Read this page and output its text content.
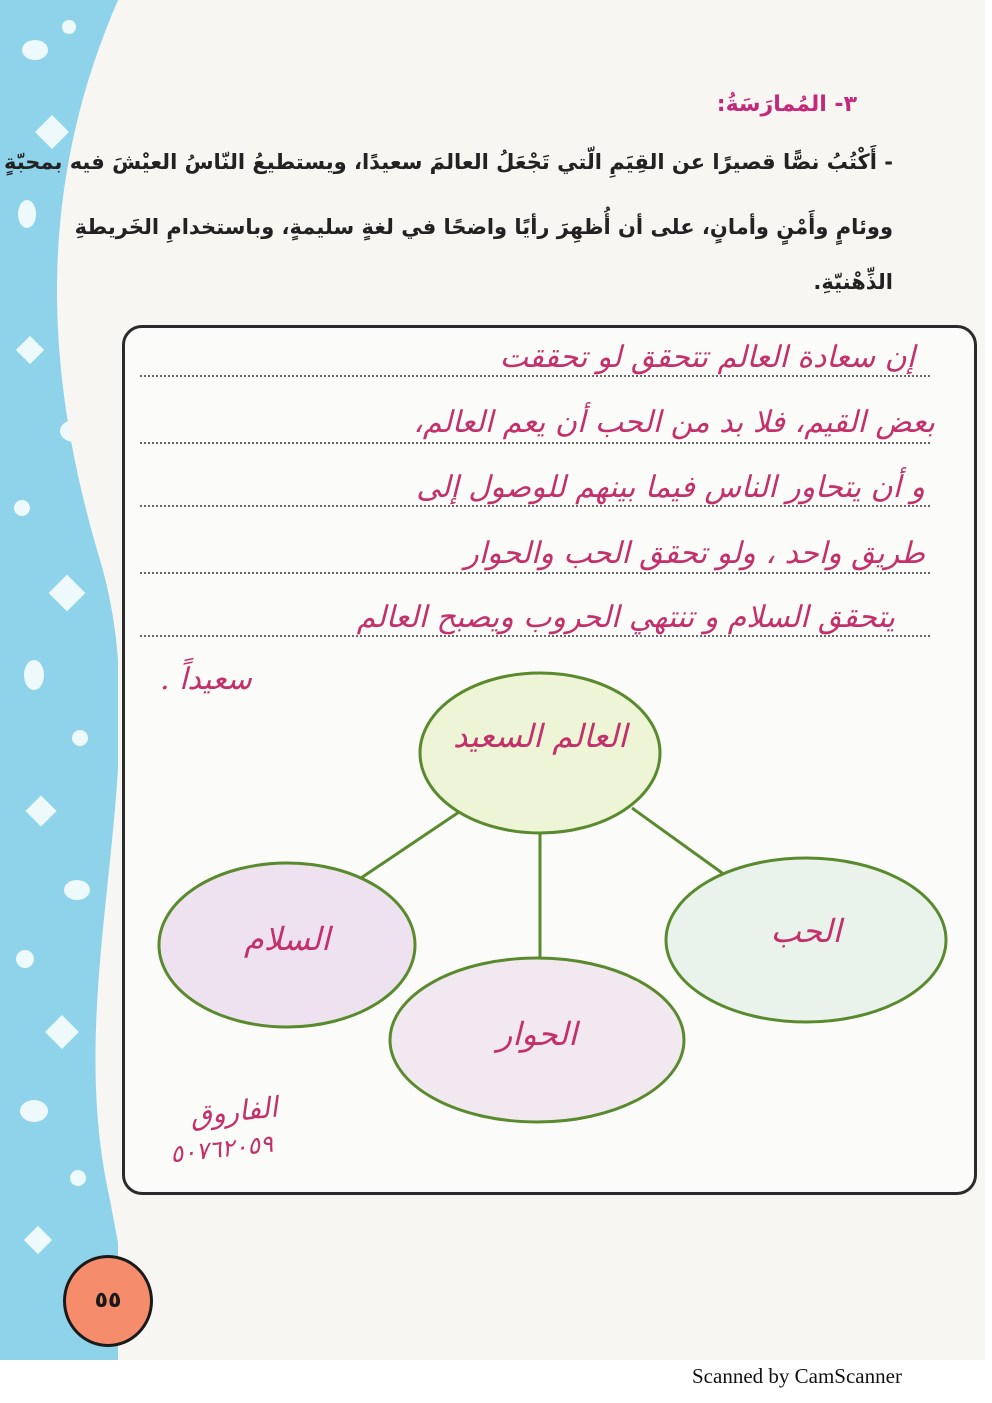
٣- المُمارَسَةُ:
- أَكْتُبُ نصًّا قصيرًا عن القِيَمِ الّتي تَجْعَلُ العالمَ سعيدًا، ويستطيعُ النّاسُ العيْشَ فيه بمحبّةٍ
ووئامٍ وأَمْنٍ وأمانٍ، على أن أُظهِرَ رأيًا واضحًا في لغةٍ سليمةٍ، وباستخدامِ الخَريطةِ
الذِّهْنيّةِ.
إن سعادة العالم تتحقق لو تحققت
بعض القيم، فلا بد من الحب أن يعم العالم،
و أن يتحاور الناس فيما بينهم للوصول إلى
طريق واحد ، ولو تحقق الحب والحوار
يتحقق السلام و تنتهي الحروب ويصبح العالم
سعيداً .
العالم السعيد
السلام
الحوار
الحب
الفاروق
٥٠٧٦٢٠٥٩
٥٥
Scanned by CamScanner
